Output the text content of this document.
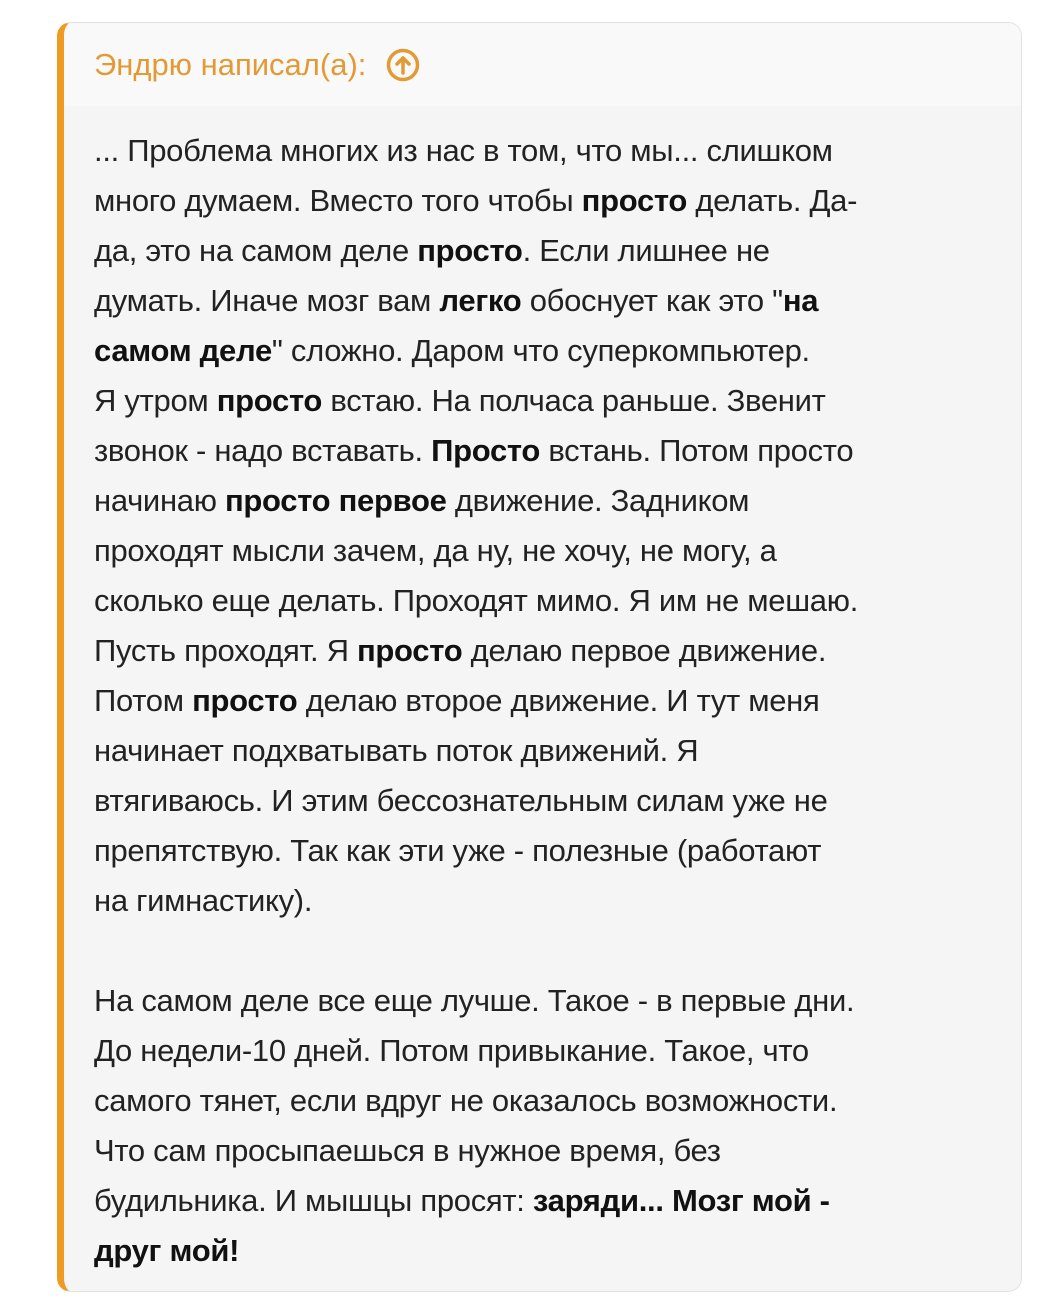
Эндрю написал(а):
... Проблема многих из нас в том, что мы... слишком
много думаем. Вместо того чтобы просто делать. Да-
да, это на самом деле просто. Если лишнее не
думать. Иначе мозг вам легко обоснует как это "на
самом деле" сложно. Даром что суперкомпьютер.
Я утром просто встаю. На полчаса раньше. Звенит
звонок - надо вставать. Просто встань. Потом просто
начинаю просто первое движение. Задником
проходят мысли зачем, да ну, не хочу, не могу, а
сколько еще делать. Проходят мимо. Я им не мешаю.
Пусть проходят. Я просто делаю первое движение.
Потом просто делаю второе движение. И тут меня
начинает подхватывать поток движений. Я
втягиваюсь. И этим бессознательным силам уже не
препятствую. Так как эти уже - полезные (работают
на гимнастику).
На самом деле все еще лучше. Такое - в первые дни.
До недели-10 дней. Потом привыкание. Такое, что
самого тянет, если вдруг не оказалось возможности.
Что сам просыпаешься в нужное время, без
будильника. И мышцы просят: заряди... Мозг мой -
друг мой!
